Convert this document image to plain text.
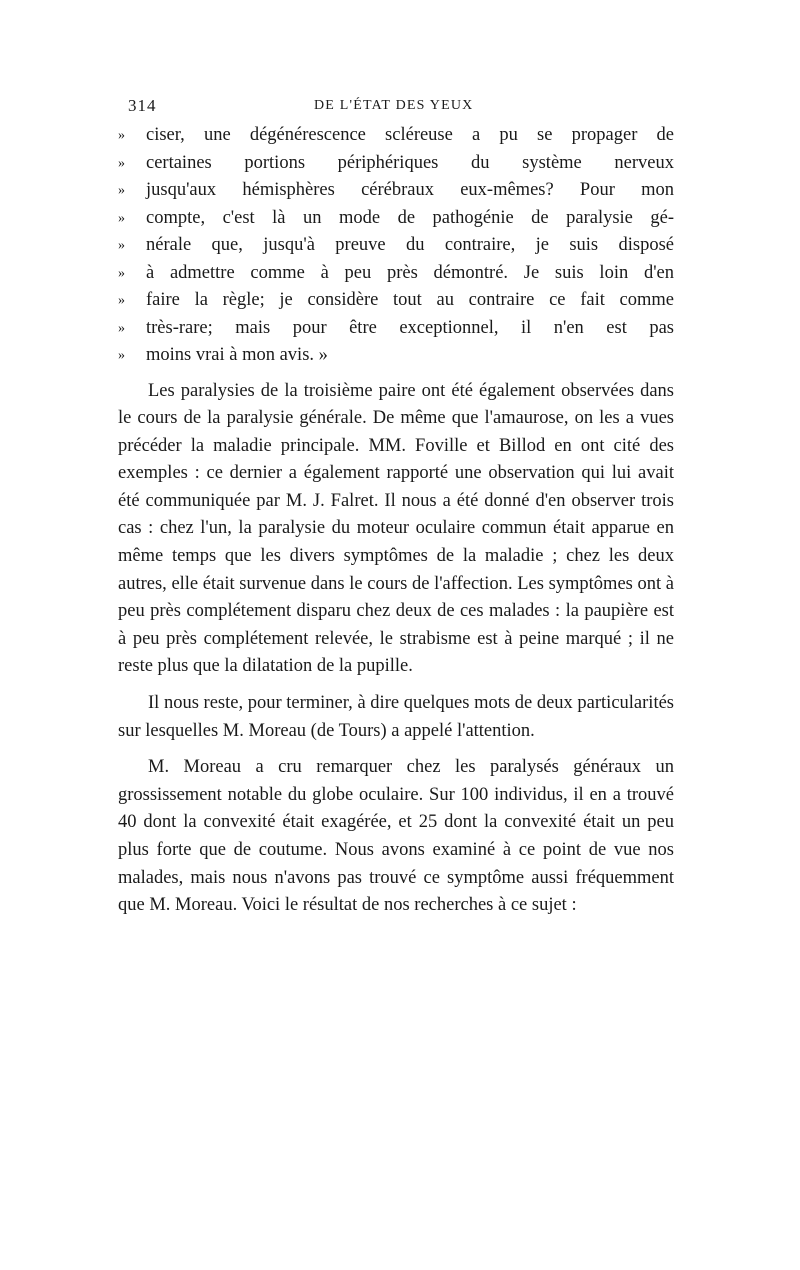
314	DE L'ÉTAT DES YEUX
»	ciser, une dégénérescence scléreuse a pu se propager de
»	certaines portions périphériques du système nerveux
»	jusqu'aux hémisphères cérébraux eux-mêmes? Pour mon
»	compte, c'est là un mode de pathogénie de paralysie gé-
»	nérale que, jusqu'à preuve du contraire, je suis disposé
»	à admettre comme à peu près démontré. Je suis loin d'en
»	faire la règle; je considère tout au contraire ce fait comme
»	très-rare; mais pour être exceptionnel, il n'en est pas
»	moins vrai à mon avis. »

Les paralysies de la troisième paire ont été également observées dans le cours de la paralysie générale. De même que l'amaurose, on les a vues précéder la maladie principale. MM. Foville et Billod en ont cité des exemples : ce dernier a également rapporté une observation qui lui avait été communiquée par M. J. Falret. Il nous a été donné d'en observer trois cas : chez l'un, la paralysie du moteur oculaire commun était apparue en même temps que les divers symptômes de la maladie ; chez les deux autres, elle était survenue dans le cours de l'affection. Les symptômes ont à peu près complétement disparu chez deux de ces malades : la paupière est à peu près complétement relevée, le strabisme est à peine marqué ; il ne reste plus que la dilatation de la pupille.

Il nous reste, pour terminer, à dire quelques mots de deux particularités sur lesquelles M. Moreau (de Tours) a appelé l'attention.

M. Moreau a cru remarquer chez les paralysés généraux un grossissement notable du globe oculaire. Sur 100 individus, il en a trouvé 40 dont la convexité était exagérée, et 25 dont la convexité était un peu plus forte que de coutume. Nous avons examiné à ce point de vue nos malades, mais nous n'avons pas trouvé ce symptôme aussi fréquemment que M. Moreau. Voici le résultat de nos recherches à ce sujet :
